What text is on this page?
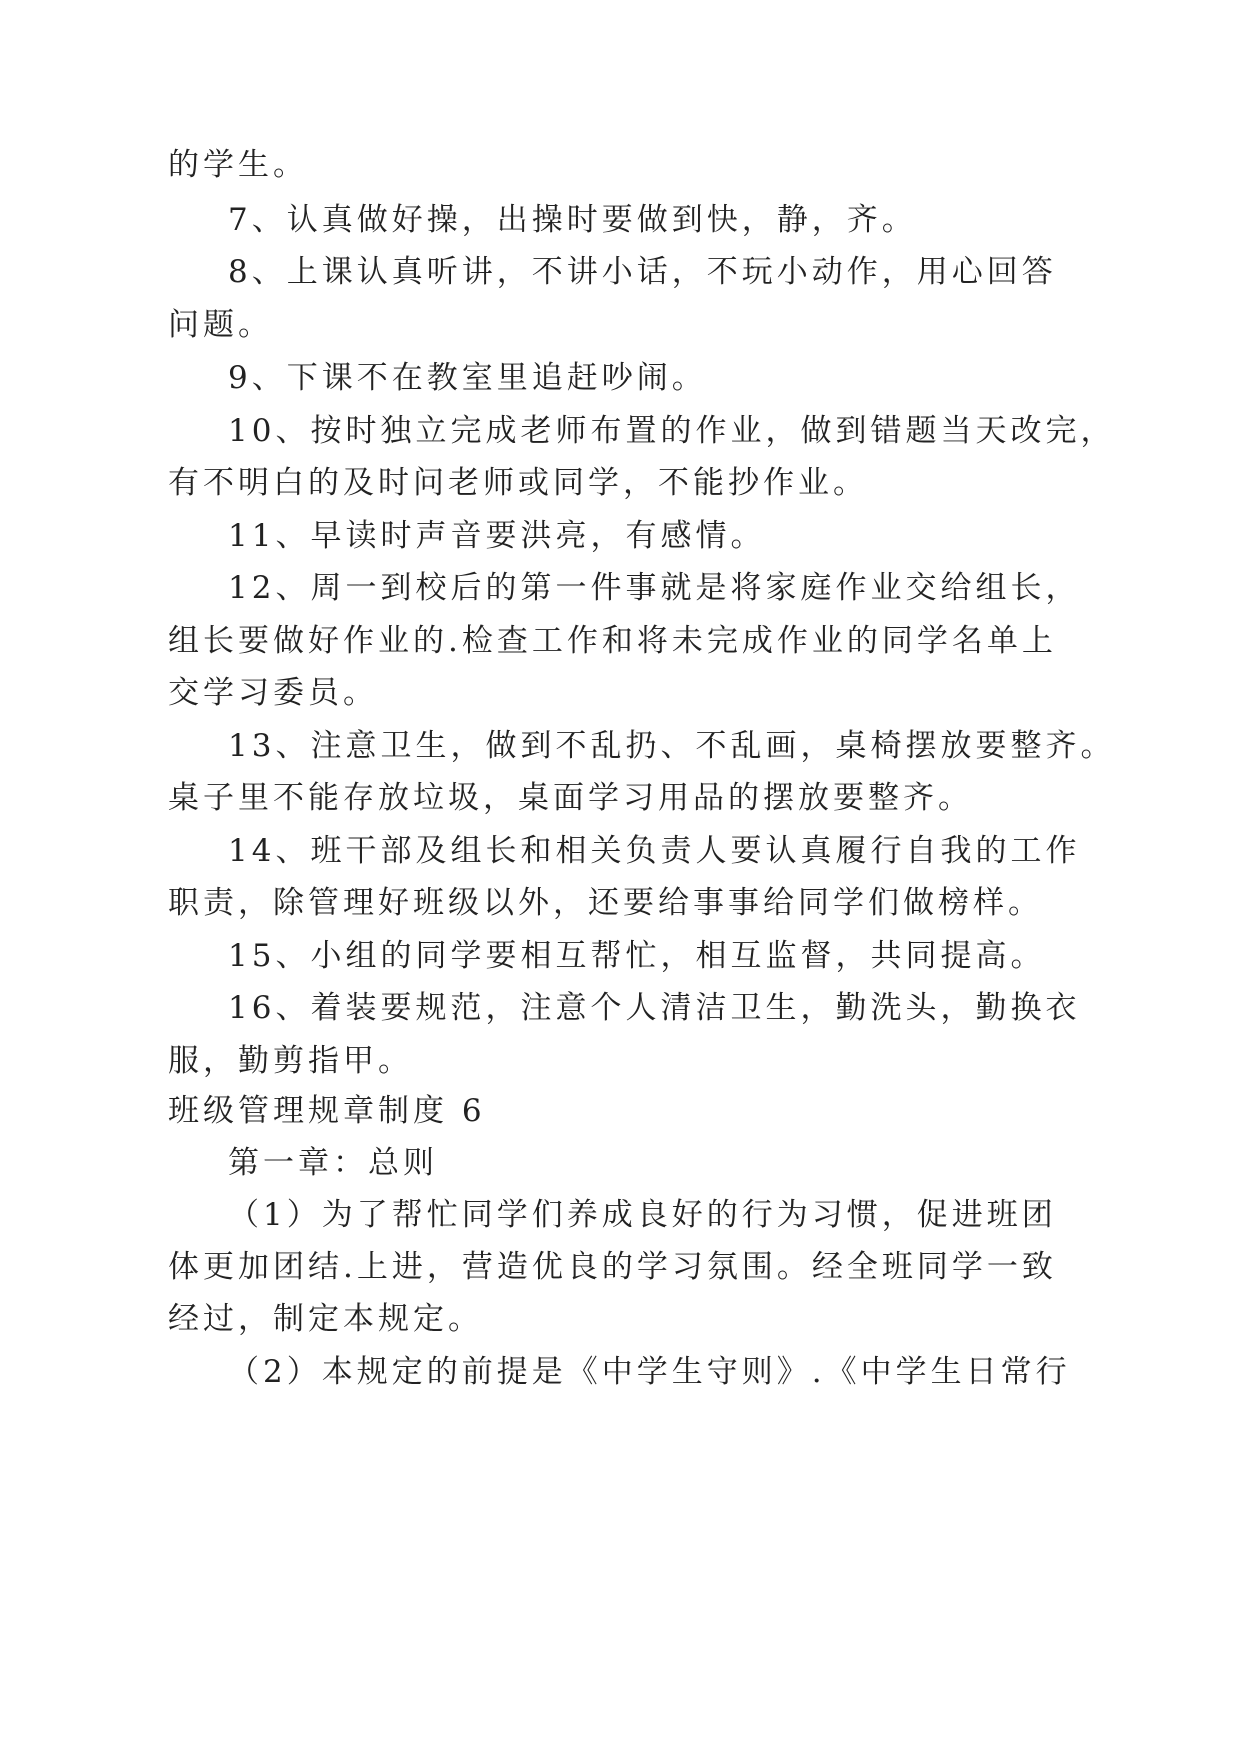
的学生。
7、认真做好操，出操时要做到快，静，齐。
8、上课认真听讲，不讲小话，不玩小动作，用心回答
问题。
9、下课不在教室里追赶吵闹。
10、按时独立完成老师布置的作业，做到错题当天改完，
有不明白的及时问老师或同学，不能抄作业。
11、早读时声音要洪亮，有感情。
12、周一到校后的第一件事就是将家庭作业交给组长，
组长要做好作业的.检查工作和将未完成作业的同学名单上
交学习委员。
13、注意卫生，做到不乱扔、不乱画，桌椅摆放要整齐。
桌子里不能存放垃圾，桌面学习用品的摆放要整齐。
14、班干部及组长和相关负责人要认真履行自我的工作
职责，除管理好班级以外，还要给事事给同学们做榜样。
15、小组的同学要相互帮忙，相互监督，共同提高。
16、着装要规范，注意个人清洁卫生，勤洗头，勤换衣
服，勤剪指甲。
班级管理规章制度 6
第一章：总则
（1）为了帮忙同学们养成良好的行为习惯，促进班团
体更加团结.上进，营造优良的学习氛围。经全班同学一致
经过，制定本规定。
（2）本规定的前提是《中学生守则》.《中学生日常行
